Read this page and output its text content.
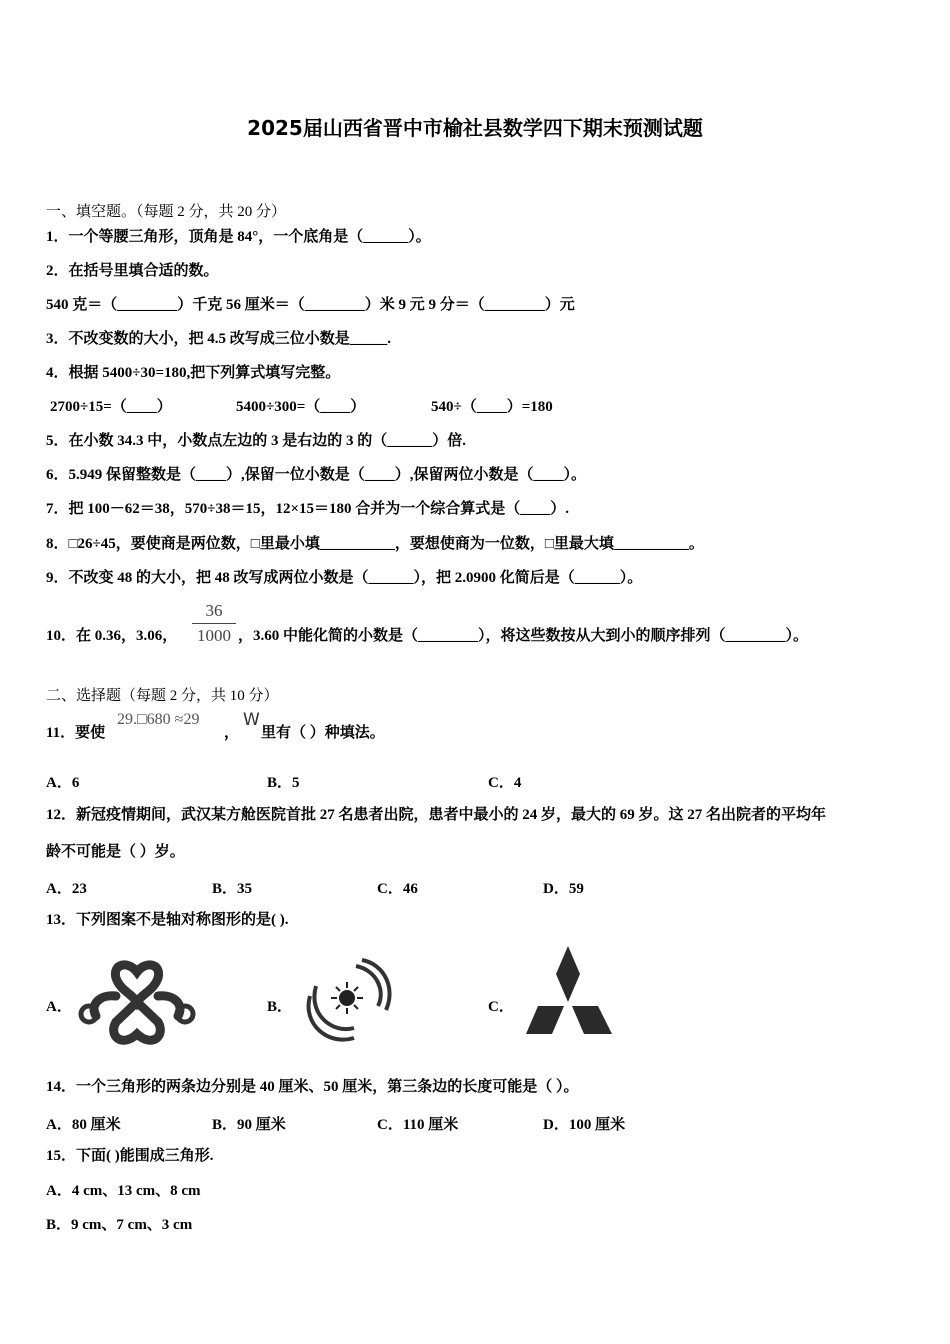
2025届山西省晋中市榆社县数学四下期末预测试题
一、填空题。（每题 2 分，共 20 分）
1．一个等腰三角形，顶角是 84°，一个底角是（______）。
2．在括号里填合适的数。
540 克＝（________）千克 56 厘米＝（________）米 9 元 9 分＝（________）元
3．不改变数的大小，把 4.5 改写成三位小数是_____.
4．根据 5400÷30=180,把下列算式填写完整。
2700÷15=（____）	5400÷300=（____）	540÷（____）=180
5．在小数 34.3 中，小数点左边的 3 是右边的 3 的（______）倍.
6．5.949 保留整数是（____）,保留一位小数是（____）,保留两位小数是（____）。
7．把 100－62＝38，570÷38＝15，12×15＝180 合并为一个综合算式是（____）.
8．□26÷45，要使商是两位数，□里最小填__________，要想使商为一位数，□里最大填__________。
9．不改变 48 的大小，把 48 改写成两位小数是（______），把 2.0900 化简后是（______）。
10．在 0.36，3.06，
36
1000 ，3.60 中能化简的小数是（________），将这些数按从大到小的顺序排列（________）。
二、选择题（每题 2 分，共 10 分）
11．要使
29.□680 ≈29
，
W
里有（ ）种填法。
A．6	B．5	C．4
12．新冠疫情期间，武汉某方舱医院首批 27 名患者出院，患者中最小的 24 岁，最大的 69 岁。这 27 名出院者的平均年
龄不可能是（ ）岁。
A．23	B．35	C．46	D．59
13．下列图案不是轴对称图形的是( ).
A．	B．	C．
14．一个三角形的两条边分别是 40 厘米、50 厘米，第三条边的长度可能是（ ）。
A．80 厘米	B．90 厘米	C．110 厘米	D．100 厘米
15．下面( )能围成三角形.
A．4 cm、13 cm、8 cm
B．9 cm、7 cm、3 cm
